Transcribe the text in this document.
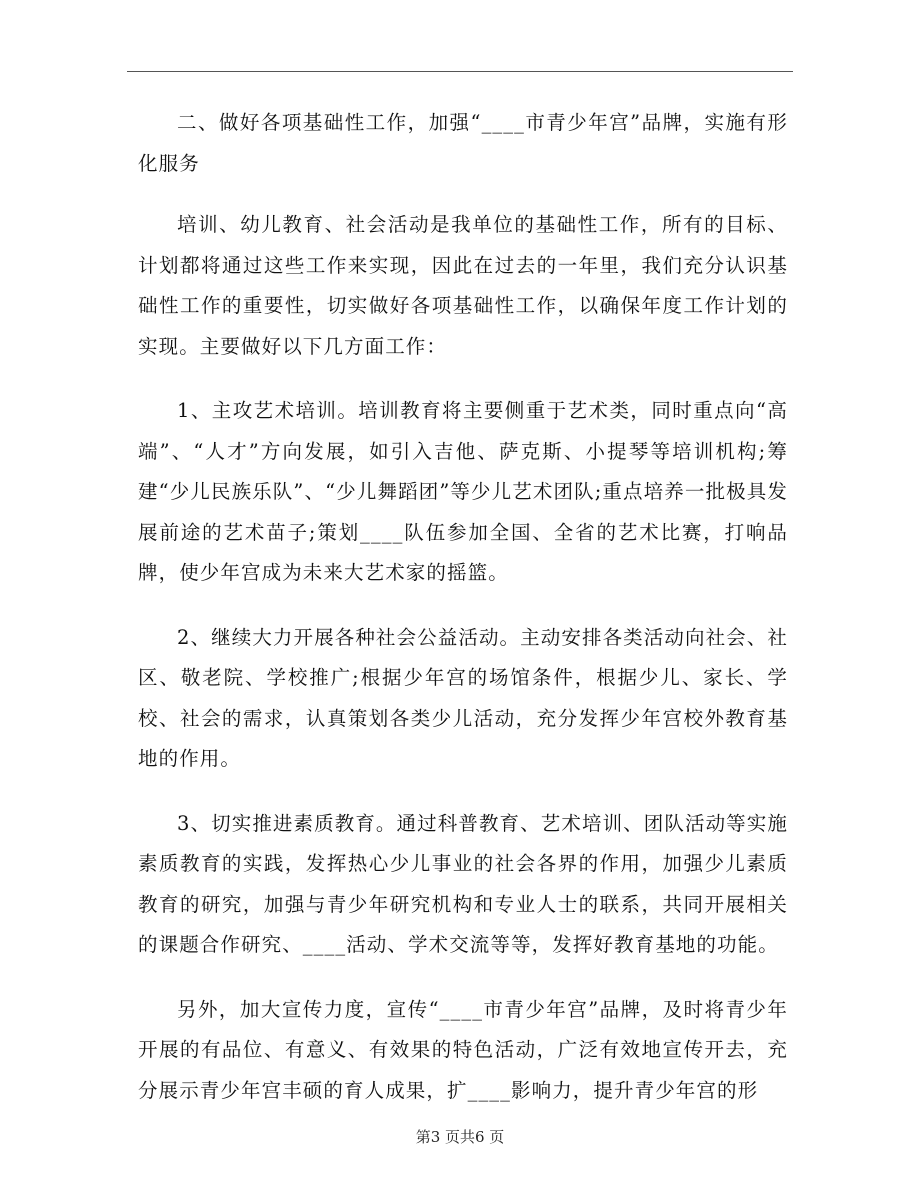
二、做好各项基础性工作，加强“____市青少年宫”品牌，实施有形化服务

培训、幼儿教育、社会活动是我单位的基础性工作，所有的目标、计划都将通过这些工作来实现，因此在过去的一年里，我们充分认识基础性工作的重要性，切实做好各项基础性工作，以确保年度工作计划的实现。主要做好以下几方面工作：

1、主攻艺术培训。培训教育将主要侧重于艺术类，同时重点向“高端”、“人才”方向发展，如引入吉他、萨克斯、小提琴等培训机构;筹建“少儿民族乐队”、“少儿舞蹈团”等少儿艺术团队;重点培养一批极具发展前途的艺术苗子;策划____队伍参加全国、全省的艺术比赛，打响品牌，使少年宫成为未来大艺术家的摇篮。

2、继续大力开展各种社会公益活动。主动安排各类活动向社会、社区、敬老院、学校推广;根据少年宫的场馆条件，根据少儿、家长、学校、社会的需求，认真策划各类少儿活动，充分发挥少年宫校外教育基地的作用。

3、切实推进素质教育。通过科普教育、艺术培训、团队活动等实施素质教育的实践，发挥热心少儿事业的社会各界的作用，加强少儿素质教育的研究，加强与青少年研究机构和专业人士的联系，共同开展相关的课题合作研究、____活动、学术交流等等，发挥好教育基地的功能。

另外，加大宣传力度，宣传“____市青少年宫”品牌，及时将青少年开展的有品位、有意义、有效果的特色活动，广泛有效地宣传开去，充分展示青少年宫丰硕的育人成果，扩____影响力，提升青少年宫的形

第3 页共6 页
